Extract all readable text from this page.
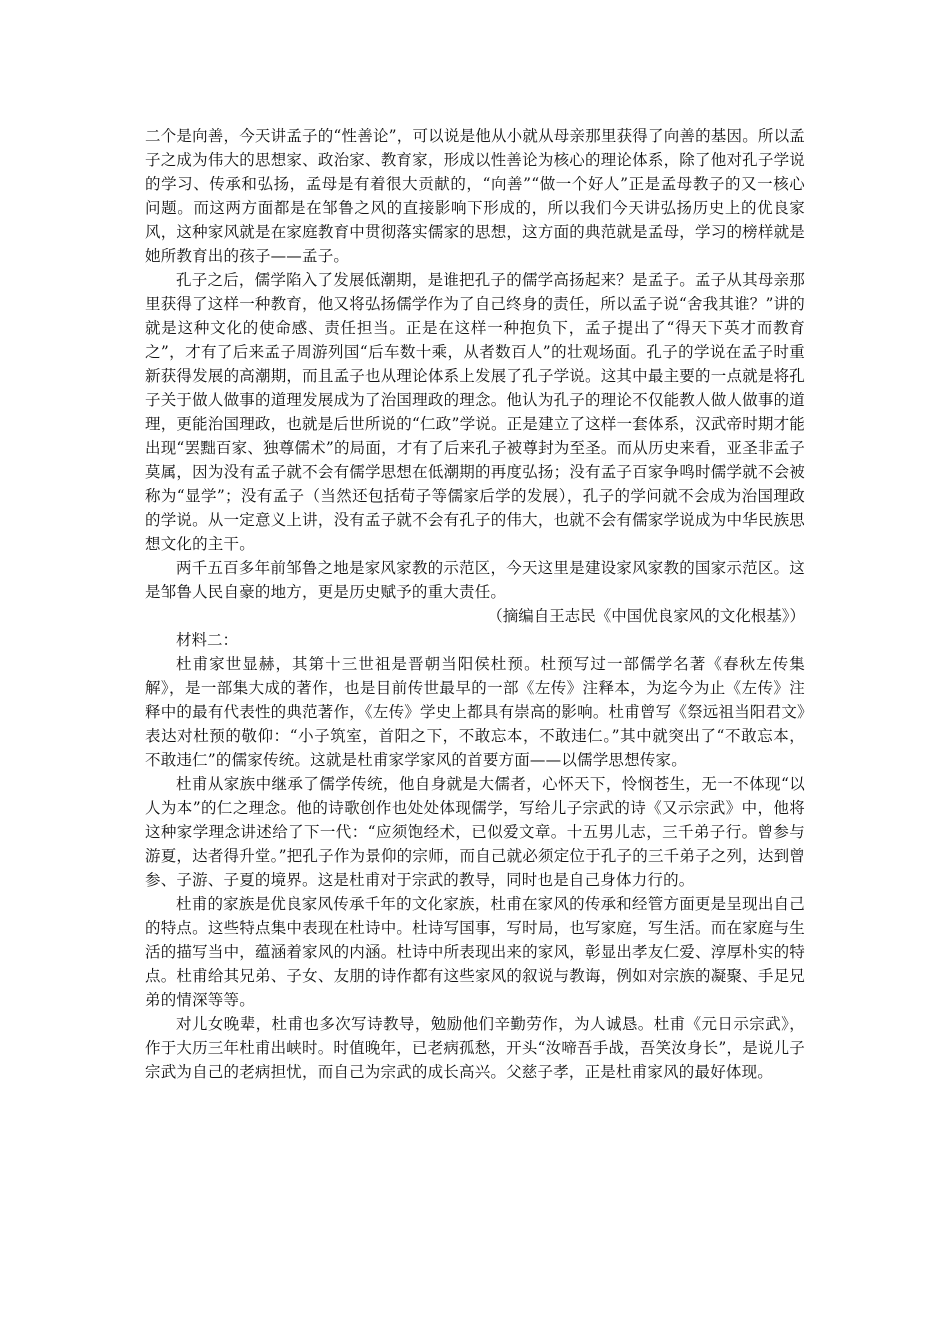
二个是向善，今天讲孟子的“性善论”，可以说是他从小就从母亲那里获得了向善的基因。所以孟子之成为伟大的思想家、政治家、教育家，形成以性善论为核心的理论体系，除了他对孔子学说的学习、传承和弘扬，孟母是有着很大贡献的，“向善”“做一个好人”正是孟母教子的又一核心问题。而这两方面都是在邹鲁之风的直接影响下形成的，所以我们今天讲弘扬历史上的优良家风，这种家风就是在家庭教育中贯彻落实儒家的思想，这方面的典范就是孟母，学习的榜样就是她所教育出的孩子——孟子。

孔子之后，儒学陷入了发展低潮期，是谁把孔子的儒学高扬起来？是孟子。孟子从其母亲那里获得了这样一种教育，他又将弘扬儒学作为了自己终身的责任，所以孟子说“舍我其谁？”讲的就是这种文化的使命感、责任担当。正是在这样一种抱负下，孟子提出了“得天下英才而教育之”，才有了后来孟子周游列国“后车数十乘，从者数百人”的壮观场面。孔子的学说在孟子时重新获得发展的高潮期，而且孟子也从理论体系上发展了孔子学说。这其中最主要的一点就是将孔子关于做人做事的道理发展成为了治国理政的理念。他认为孔子的理论不仅能教人做人做事的道理，更能治国理政，也就是后世所说的“仁政”学说。正是建立了这样一套体系，汉武帝时期才能出现“罢黜百家、独尊儒术”的局面，才有了后来孔子被尊封为至圣。而从历史来看，亚圣非孟子莫属，因为没有孟子就不会有儒学思想在低潮期的再度弘扬；没有孟子百家争鸣时儒学就不会被称为“显学”；没有孟子（当然还包括荀子等儒家后学的发展），孔子的学问就不会成为治国理政的学说。从一定意义上讲，没有孟子就不会有孔子的伟大，也就不会有儒家学说成为中华民族思想文化的主干。

两千五百多年前邹鲁之地是家风家教的示范区，今天这里是建设家风家教的国家示范区。这是邹鲁人民自豪的地方，更是历史赋予的重大责任。

（摘编自王志民《中国优良家风的文化根基》）

材料二：

杜甫家世显赫，其第十三世祖是晋朝当阳侯杜预。杜预写过一部儒学名著《春秋左传集解》，是一部集大成的著作，也是目前传世最早的一部《左传》注释本，为迄今为止《左传》注释中的最有代表性的典范著作，《左传》学史上都具有崇高的影响。杜甫曾写《祭远祖当阳君文》表达对杜预的敬仰：“小子筑室，首阳之下，不敢忘本，不敢违仁。”其中就突出了“不敢忘本，不敢违仁”的儒家传统。这就是杜甫家学家风的首要方面——以儒学思想传家。

杜甫从家族中继承了儒学传统，他自身就是大儒者，心怀天下，怜悯苍生，无一不体现“以人为本”的仁之理念。他的诗歌创作也处处体现儒学，写给儿子宗武的诗《又示宗武》中，他将这种家学理念讲述给了下一代：“应须饱经术，已似爱文章。十五男儿志，三千弟子行。曾参与游夏，达者得升堂。”把孔子作为景仰的宗师，而自己就必须定位于孔子的三千弟子之列，达到曾参、子游、子夏的境界。这是杜甫对于宗武的教导，同时也是自己身体力行的。

杜甫的家族是优良家风传承千年的文化家族，杜甫在家风的传承和经管方面更是呈现出自己的特点。这些特点集中表现在杜诗中。杜诗写国事，写时局，也写家庭，写生活。而在家庭与生活的描写当中，蕴涵着家风的内涵。杜诗中所表现出来的家风，彰显出孝友仁爱、淳厚朴实的特点。杜甫给其兄弟、子女、友朋的诗作都有这些家风的叙说与教诲，例如对宗族的凝聚、手足兄弟的情深等等。

对儿女晚辈，杜甫也多次写诗教导，勉励他们辛勤劳作，为人诚恳。杜甫《元日示宗武》，作于大历三年杜甫出峡时。时值晚年，已老病孤愁，开头“汝啼吾手战，吾笑汝身长”，是说儿子宗武为自己的老病担忧，而自己为宗武的成长高兴。父慈子孝，正是杜甫家风的最好体现。
